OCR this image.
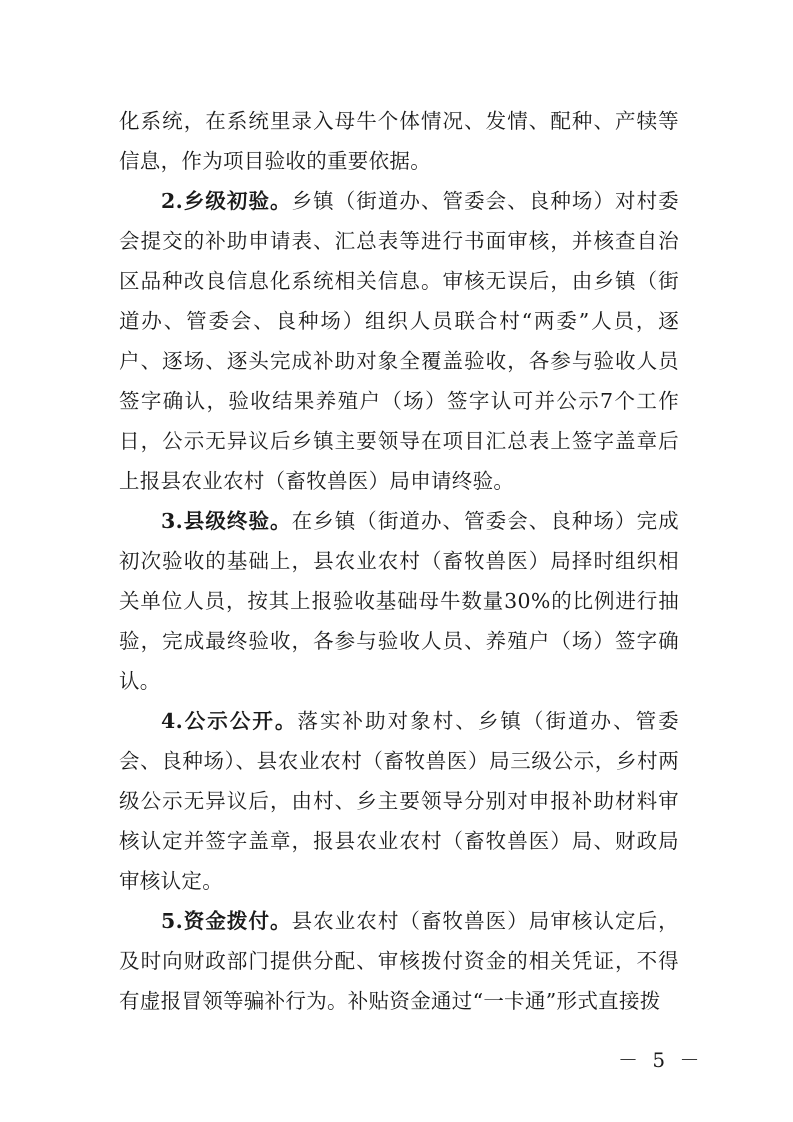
化系统，在系统里录入母牛个体情况、发情、配种、产犊等信息，作为项目验收的重要依据。

2.乡级初验。乡镇（街道办、管委会、良种场）对村委会提交的补助申请表、汇总表等进行书面审核，并核查自治区品种改良信息化系统相关信息。审核无误后，由乡镇（街道办、管委会、良种场）组织人员联合村“两委”人员，逐户、逐场、逐头完成补助对象全覆盖验收，各参与验收人员签字确认，验收结果养殖户（场）签字认可并公示7个工作日，公示无异议后乡镇主要领导在项目汇总表上签字盖章后上报县农业农村（畜牧兽医）局申请终验。

3.县级终验。在乡镇（街道办、管委会、良种场）完成初次验收的基础上，县农业农村（畜牧兽医）局择时组织相关单位人员，按其上报验收基础母牛数量30%的比例进行抽验，完成最终验收，各参与验收人员、养殖户（场）签字确认。

4.公示公开。落实补助对象村、乡镇（街道办、管委会、良种场）、县农业农村（畜牧兽医）局三级公示，乡村两级公示无异议后，由村、乡主要领导分别对申报补助材料审核认定并签字盖章，报县农业农村（畜牧兽医）局、财政局审核认定。

5.资金拨付。县农业农村（畜牧兽医）局审核认定后，及时向财政部门提供分配、审核拨付资金的相关凭证，不得有虚报冒领等骗补行为。补贴资金通过“一卡通”形式直接拨

－ 5 －
